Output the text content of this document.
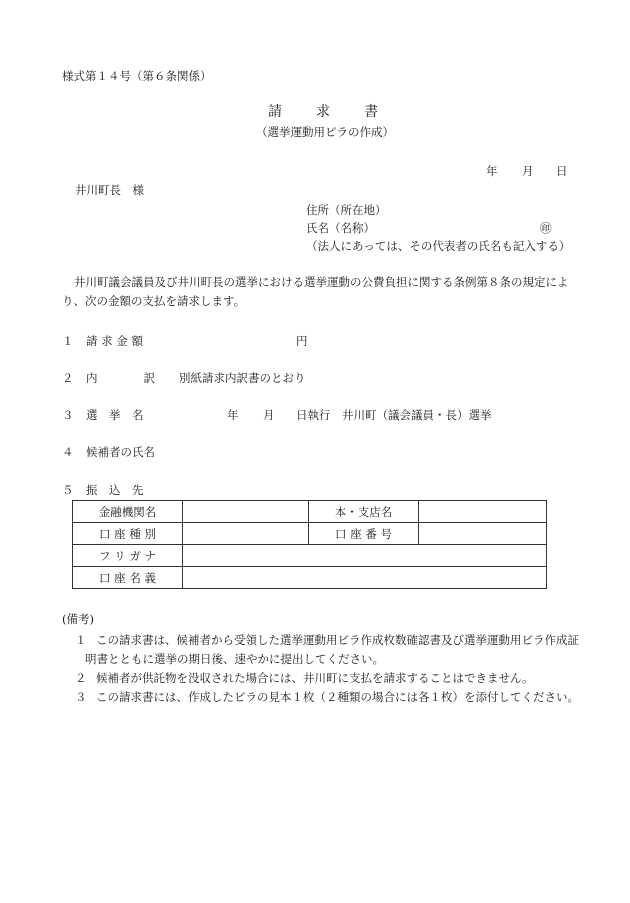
様式第１４号（第６条関係）
請　　求　　書
（選挙運動用ビラの作成）
年 月 日
井川町長　様
住所（所在地）
氏名（名称）	㊞
（法人にあっては、その代表者の氏名も記入する）
井川町議会議員及び井川町長の選挙における選挙運動の公費負担に関する条例第８条の規定により、次の金額の支払を請求します。
１ 請 求 金 額	円
２ 内　　　　訳 別紙請求内訳書のとおり
３ 選　挙　名	年 月 日執行　井川町（議会議員・長）選挙
４ 候補者の氏名
５ 振　込　先
金融機関名		本・支店名	
口 座 種 別		口 座 番 号	
フ リ ガ ナ			
口 座 名 義			
(備考)
１ この請求書は、候補者から受領した選挙運動用ビラ作成枚数確認書及び選挙運動用ビラ作成証
明書とともに選挙の期日後、速やかに提出してください。
２ 候補者が供託物を没収された場合には、井川町に支払を請求することはできません。
３ この請求書には、作成したビラの見本１枚（２種類の場合には各１枚）を添付してください。
